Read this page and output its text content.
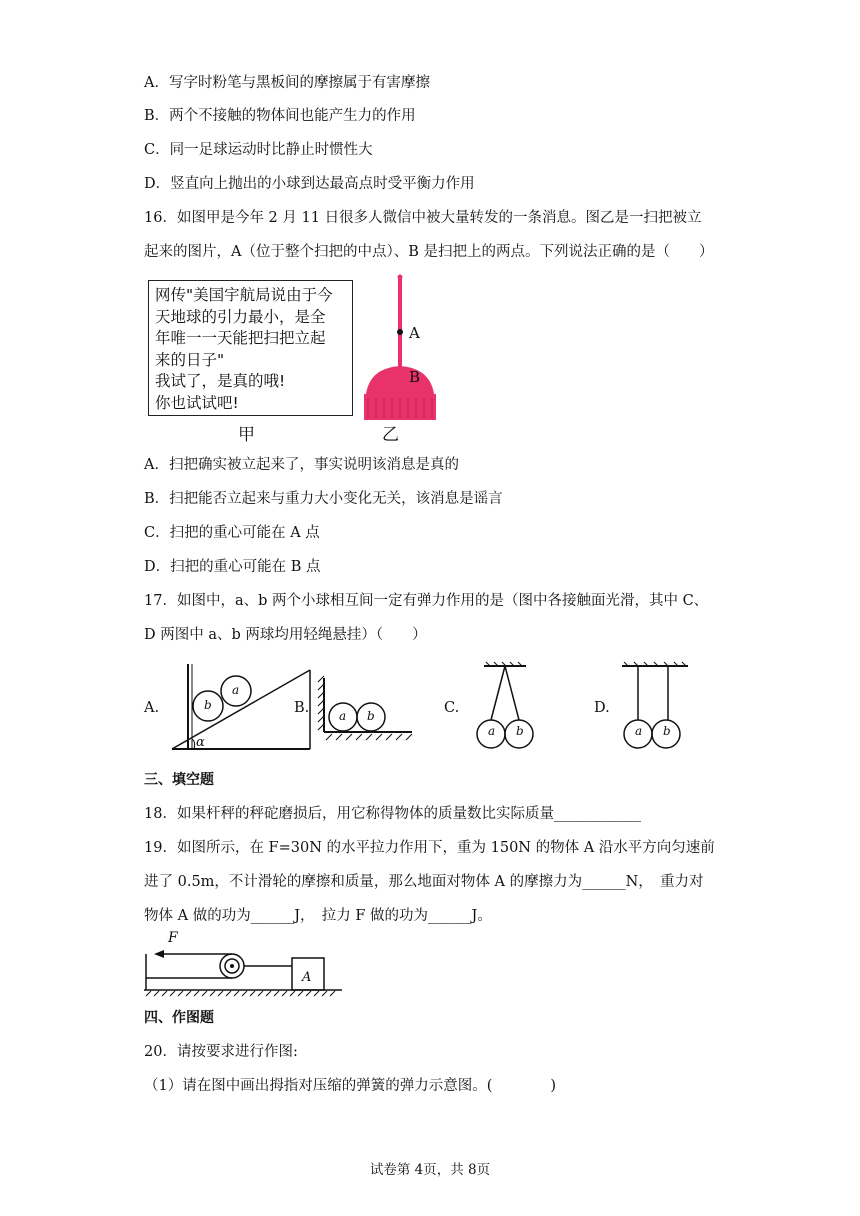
A．写字时粉笔与黑板间的摩擦属于有害摩擦
B．两个不接触的物体间也能产生力的作用
C．同一足球运动时比静止时惯性大
D．竖直向上抛出的小球到达最高点时受平衡力作用
16．如图甲是今年 2 月 11 日很多人微信中被大量转发的一条消息。图乙是一扫把被立
起来的图片，A（位于整个扫把的中点）、B 是扫把上的两点。下列说法正确的是（　　）
网传"美国宇航局说由于今
天地球的引力最小，是全
年唯一一天能把扫把立起
来的日子"
我试了，是真的哦!
你也试试吧!
甲
A
B
乙
A．扫把确实被立起来了，事实说明该消息是真的
B．扫把能否立起来与重力大小变化无关，该消息是谣言
C．扫把的重心可能在 A 点
D．扫把的重心可能在 B 点
17．如图中，a、b 两个小球相互间一定有弹力作用的是（图中各接触面光滑，其中 C、
D 两图中 a、b 两球均用轻绳悬挂）（　　）
A.	b
a
α
B. a b	C.
a b
D.
a b
三、填空题
18．如果杆秤的秤砣磨损后，用它称得物体的质量数比实际质量____________
19．如图所示，在 F=30N 的水平拉力作用下，重为 150N 的物体 A 沿水平方向匀速前
进了 0.5m，不计滑轮的摩擦和质量，那么地面对物体 A 的摩擦力为______N，　重力对
物体 A 做的功为______J，　拉力 F 做的功为______J。
F
A
四、作图题
20．请按要求进行作图:
（1）请在图中画出拇指对压缩的弹簧的弹力示意图。(　　　　)
试卷第 4页，共 8页
